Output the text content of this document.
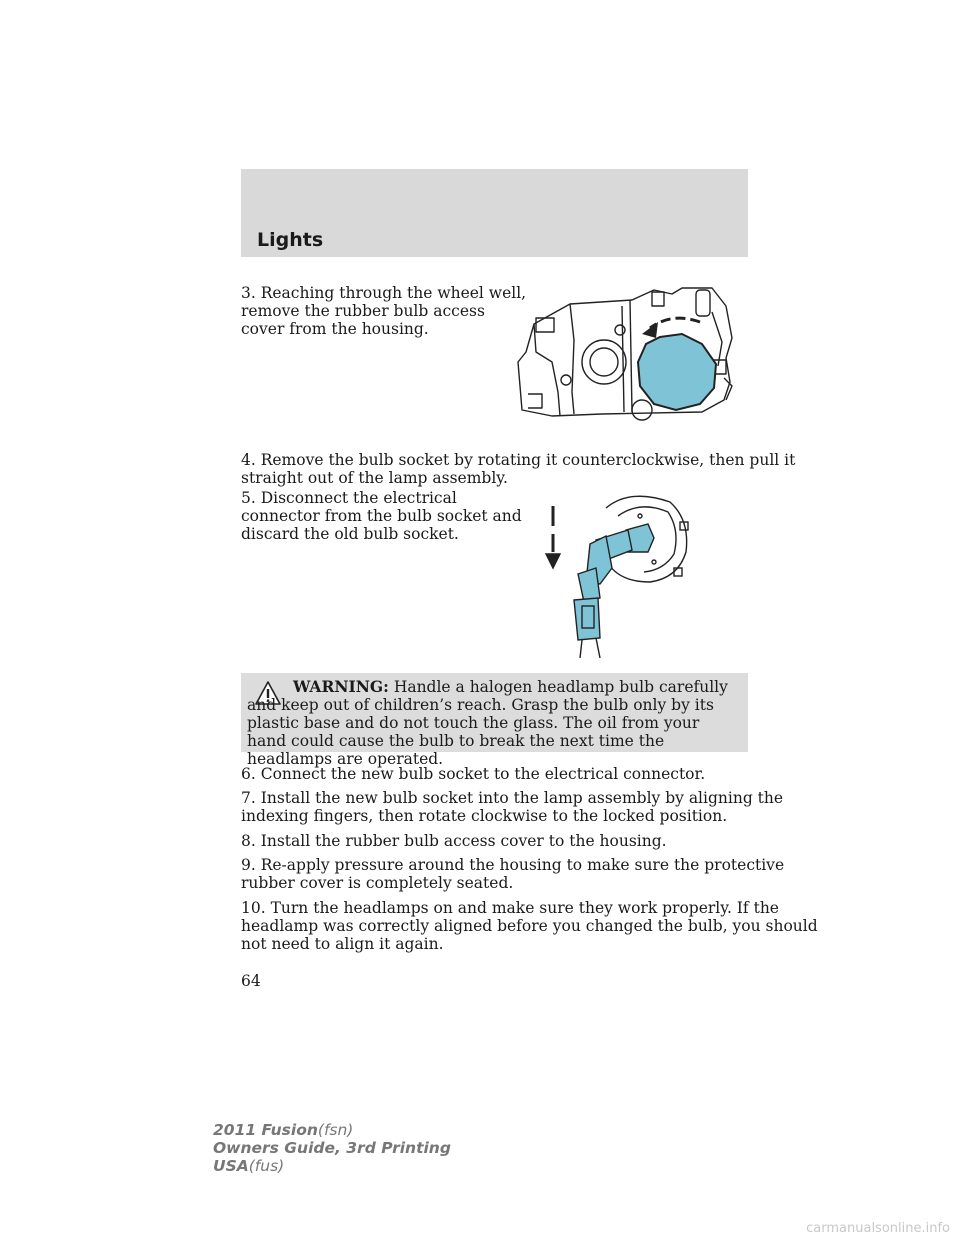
Lights
3. Reaching through the wheel well,
remove the rubber bulb access
cover from the housing.
4. Remove the bulb socket by rotating it counterclockwise, then pull it
straight out of the lamp assembly.
5. Disconnect the electrical
connector from the bulb socket and
discard the old bulb socket.
WARNING: Handle a halogen headlamp bulb carefully and keep out of children’s reach. Grasp the bulb only by its plastic base and do not touch the glass. The oil from your hand could cause the bulb to break the next time the headlamps are operated.
6. Connect the new bulb socket to the electrical connector.
7. Install the new bulb socket into the lamp assembly by aligning the
indexing fingers, then rotate clockwise to the locked position.
8. Install the rubber bulb access cover to the housing.
9. Re-apply pressure around the housing to make sure the protective
rubber cover is completely seated.
10. Turn the headlamps on and make sure they work properly. If the
headlamp was correctly aligned before you changed the bulb, you should
not need to align it again.
64
2011 Fusion(fsn)
Owners Guide, 3rd Printing
USA(fus)
carmanualsonline.info
